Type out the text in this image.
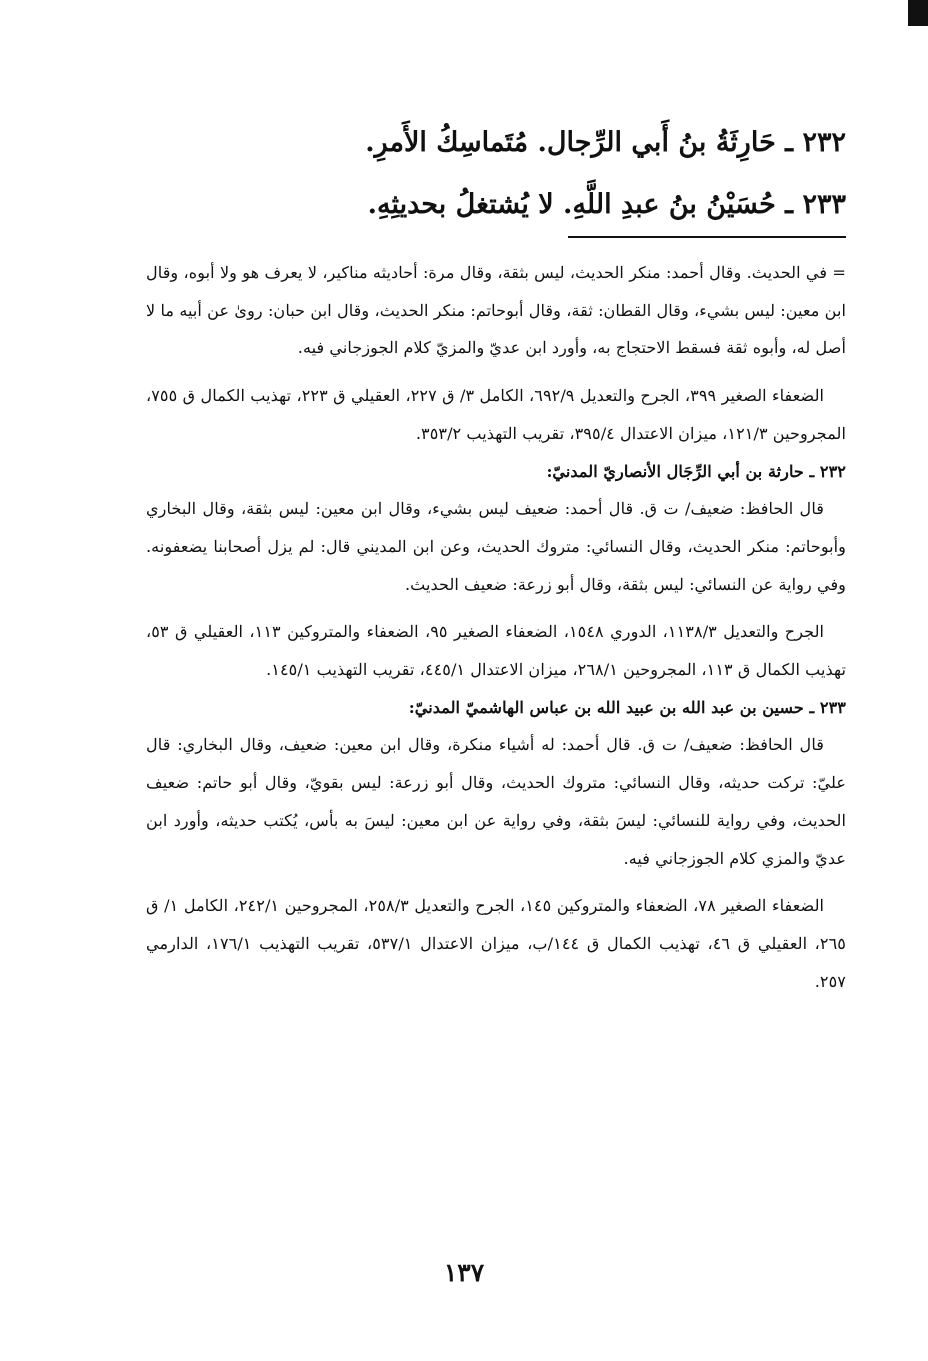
٢٣٢ ـ حَارِثَةُ بنُ أَبي الرِّجال. مُتَماسِكُ الأَمرِ.
٢٣٣ ـ حُسَيْنُ بنُ عبدِ اللَّهِ. لا يُشتغلُ بحديثِهِ.

= في الحديث. وقال أحمد: منكر الحديث، ليس بثقة، وقال مرة: أحاديثه مناكير، لا يعرف هو ولا أبوه، وقال ابن معين: ليس بشيء، وقال القطان: ثقة، وقال أبوحاتم: منكر الحديث، وقال ابن حبان: روىٰ عن أبيه ما لا أصل له، وأبوه ثقة فسقط الاحتجاج به، وأورد ابن عديّ والمزيّ كلام الجوزجاني فيه.

الضعفاء الصغير ٣٩٩، الجرح والتعديل ٦٩٢/٩، الكامل ٣/ ق ٢٢٧، العقيلي ق ٢٢٣، تهذيب الكمال ق ٧٥٥، المجروحين ١٢١/٣، ميزان الاعتدال ٣٩٥/٤، تقريب التهذيب ٣٥٣/٢.

٢٣٢ ـ حارثة بن أبي الرِّجَال الأنصاريّ المدنيّ:

قال الحافظ: ضعيف/ ت ق. قال أحمد: ضعيف ليس بشيء، وقال ابن معين: ليس بثقة، وقال البخاري وأبوحاتم: منكر الحديث، وقال النسائي: متروك الحديث، وعن ابن المديني قال: لم يزل أصحابنا يضعفونه. وفي رواية عن النسائي: ليس بثقة، وقال أبو زرعة: ضعيف الحديث.

الجرح والتعديل ١١٣٨/٣، الدوري ١٥٤٨، الضعفاء الصغير ٩٥، الضعفاء والمتروكين ١١٣، العقيلي ق ٥٣، تهذيب الكمال ق ١١٣، المجروحين ٢٦٨/١، ميزان الاعتدال ٤٤٥/١، تقريب التهذيب ١٤٥/١.

٢٣٣ ـ حسين بن عبد الله بن عبيد الله بن عباس الهاشميّ المدنيّ:

قال الحافظ: ضعيف/ ت ق. قال أحمد: له أشياء منكرة، وقال ابن معين: ضعيف، وقال البخاري: قال عليّ: تركت حديثه، وقال النسائي: متروك الحديث، وقال أبو زرعة: ليس بقويّ، وقال أبو حاتم: ضعيف الحديث، وفي رواية للنسائي: ليسَ بثقة، وفي رواية عن ابن معين: ليسَ به بأس، يُكتب حديثه، وأورد ابن عديّ والمزي كلام الجوزجاني فيه.

الضعفاء الصغير ٧٨، الضعفاء والمتروكين ١٤٥، الجرح والتعديل ٢٥٨/٣، المجروحين ٢٤٢/١، الكامل ١/ ق ٢٦٥، العقيلي ق ٤٦، تهذيب الكمال ق ١٤٤/ب، ميزان الاعتدال ٥٣٧/١، تقريب التهذيب ١٧٦/١، الدارمي ٢٥٧.

١٣٧
